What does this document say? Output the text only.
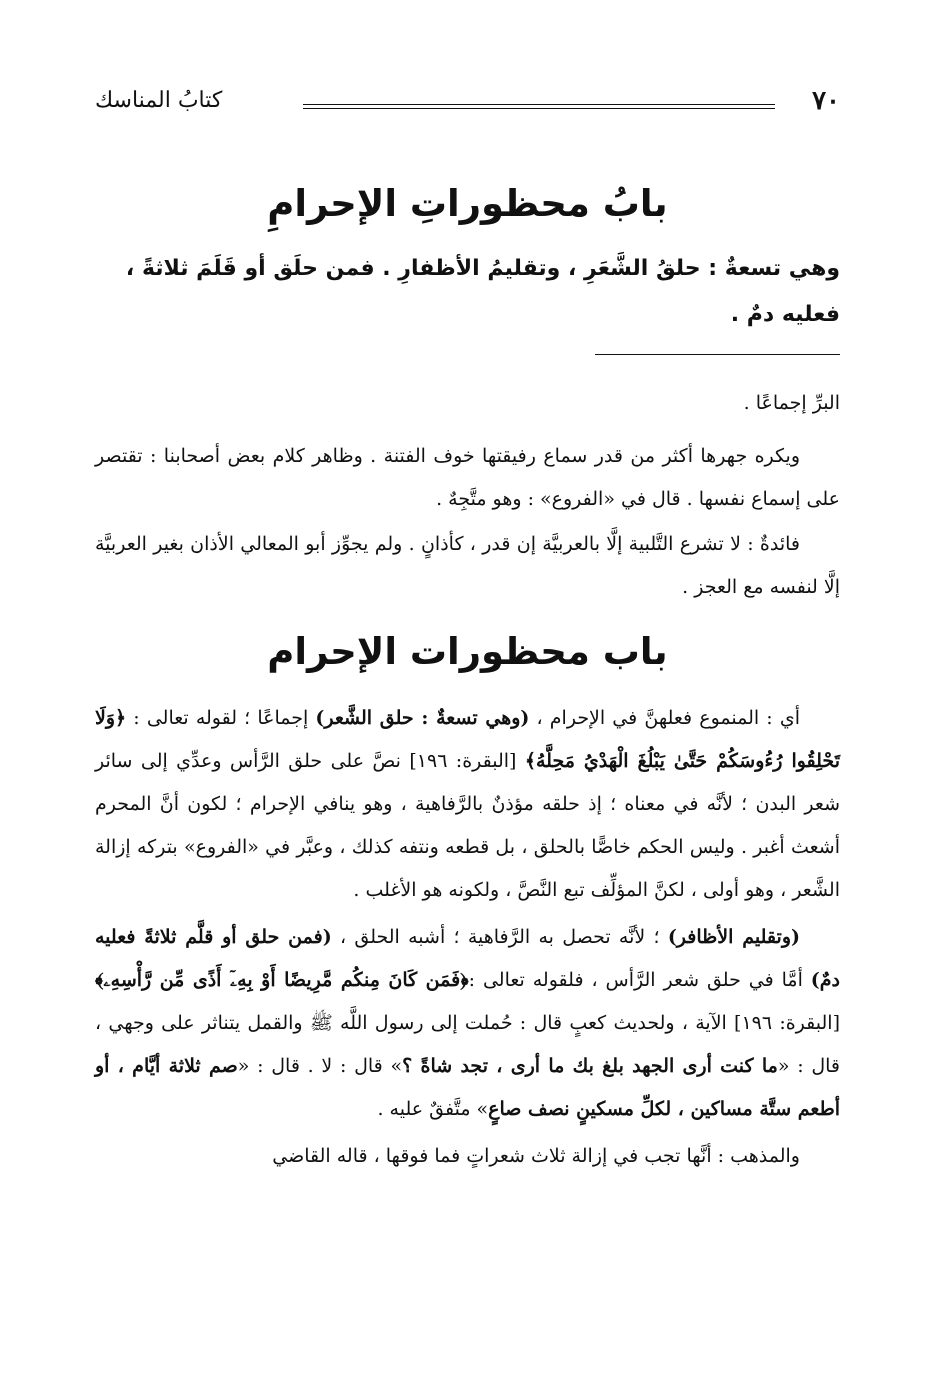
٧٠
كتابُ المناسك
بابُ محظوراتِ الإحرامِ
وهي تسعةٌ : حلقُ الشَّعَرِ ، وتقليمُ الأظفارِ . فمن حلَق أو قَلَمَ ثلاثةً ،
فعليه دمٌ .

البرِّ إجماعًا .

ويكره جهرها أكثر من قدر سماع رفيقتها خوف الفتنة . وظاهر كلام بعض أصحابنا : تقتصر على إسماع نفسها . قال في «الفروع» : وهو متَّجِهٌ .

فائدةٌ : لا تشرع التَّلبية إلَّا بالعربيَّة إن قدر ، كأذانٍ . ولم يجوِّز أبو المعالي الأذان بغير العربيَّة إلَّا لنفسه مع العجز .

باب محظورات الإحرام

أي : المنموع فعلهنَّ في الإحرام ، (وهي تسعةٌ : حلق الشَّعر) إجماعًا ؛ لقوله تعالى : ﴿وَلَا تَحْلِقُوا رُءُوسَكُمْ حَتَّىٰ يَبْلُغَ الْهَدْيُ مَحِلَّهُ﴾ [البقرة: ١٩٦] نصَّ على حلق الرَّأس وعدِّي إلى سائر شعر البدن ؛ لأنَّه في معناه ؛ إذ حلقه مؤذنٌ بالرَّفاهية ، وهو ينافي الإحرام ؛ لكون أنَّ المحرم أشعث أغبر . وليس الحكم خاصًّا بالحلق ، بل قطعه ونتفه كذلك ، وعبَّر في «الفروع» بتركه إزالة الشَّعر ، وهو أولى ، لكنَّ المؤلِّف تبع النَّصَّ ، ولكونه هو الأغلب .

(وتقليم الأظافر) ؛ لأنَّه تحصل به الرَّفاهية ؛ أشبه الحلق ، (فمن حلق أو قلَّم ثلاثةً فعليه دمٌ) أمَّا في حلق شعر الرَّأس ، فلقوله تعالى :﴿فَمَن كَانَ مِنكُم مَّرِيضًا أَوْ بِهِۦٓ أَذًى مِّن رَّأْسِهِۦ﴾ [البقرة: ١٩٦] الآية ، ولحديث كعبٍ قال : حُملت إلى رسول اللَّه ﷺ والقمل يتناثر على وجهي ، قال : «ما كنت أرى الجهد بلغ بك ما أرى ، تجد شاةً ؟» قال : لا . قال : «صم ثلاثة أيَّام ، أو أطعم ستَّة مساكين ، لكلِّ مسكينٍ نصف صاعٍ» متَّفقٌ عليه .

والمذهب : أنَّها تجب في إزالة ثلاث شعراتٍ فما فوقها ، قاله القاضي
